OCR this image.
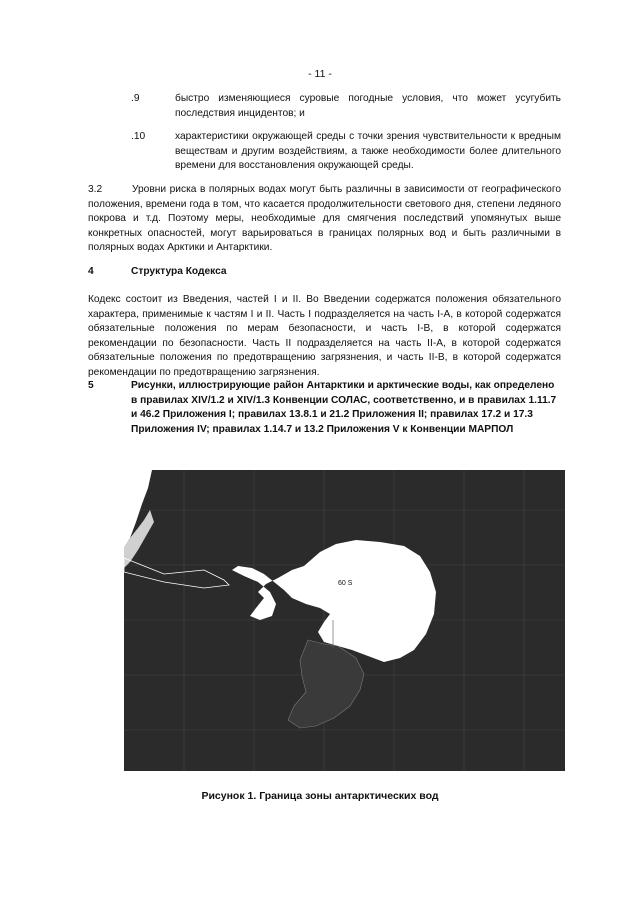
- 11 -
.9	быстро изменяющиеся суровые погодные условия, что может усугубить последствия инцидентов; и
.10	характеристики окружающей среды с точки зрения чувствительности к вредным веществам и другим воздействиям, а также необходимости более длительного времени для восстановления окружающей среды.
3.2	Уровни риска в полярных водах могут быть различны в зависимости от географического положения, времени года в том, что касается продолжительности светового дня, степени ледяного покрова и т.д. Поэтому меры, необходимые для смягчения последствий упомянутых выше конкретных опасностей, могут варьироваться в границах полярных вод и быть различными в полярных водах Арктики и Антарктики.
4	Структура Кодекса
Кодекс состоит из Введения, частей I и II. Во Введении содержатся положения обязательного характера, применимые к частям I и II. Часть I подразделяется на часть I-A, в которой содержатся обязательные положения по мерам безопасности, и часть I-B, в которой содержатся рекомендации по безопасности. Часть II подразделяется на часть II-A, в которой содержатся обязательные положения по предотвращению загрязнения, и часть II-B, в которой содержатся рекомендации по предотвращению загрязнения.
5	Рисунки, иллюстрирующие район Антарктики и арктические воды, как определено в правилах XIV/1.2 и XIV/1.3 Конвенции СОЛАС, соответственно, и в правилах 1.11.7 и 46.2 Приложения I; правилах 13.8.1 и 21.2 Приложения II; правилах 17.2 и 17.3 Приложения IV; правилах 1.14.7 и 13.2 Приложения V к Конвенции МАРПОЛ
60 S
Рисунок 1. Граница зоны антарктических вод
